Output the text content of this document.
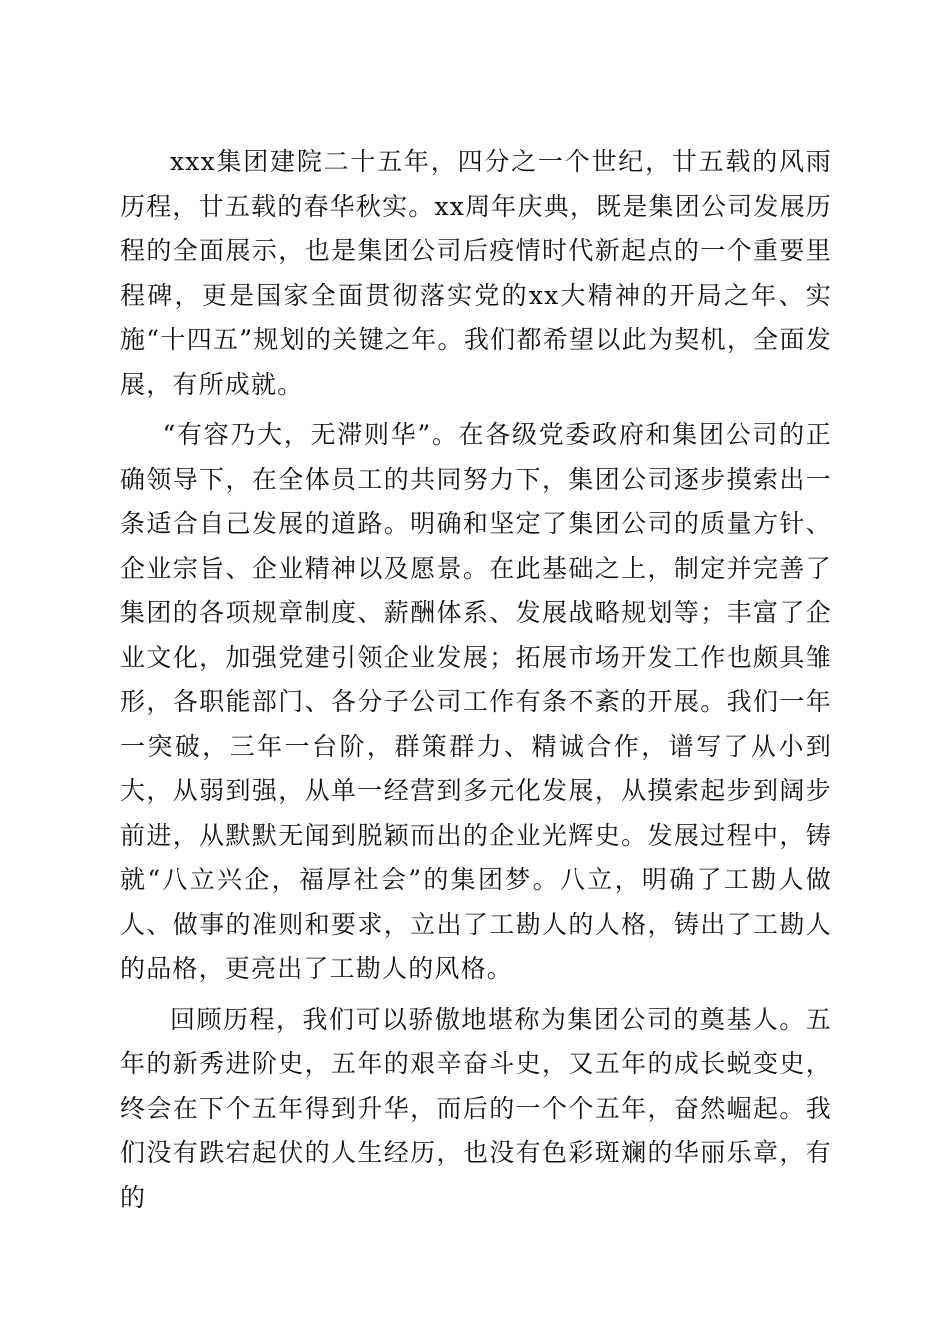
xxx集团建院二十五年，四分之一个世纪，廿五载的风雨历程，廿五载的春华秋实。xx周年庆典，既是集团公司发展历程的全面展示，也是集团公司后疫情时代新起点的一个重要里程碑，更是国家全面贯彻落实党的xx大精神的开局之年、实施“十四五”规划的关键之年。我们都希望以此为契机，全面发展，有所成就。

“有容乃大，无滞则华”。在各级党委政府和集团公司的正确领导下，在全体员工的共同努力下，集团公司逐步摸索出一条适合自己发展的道路。明确和坚定了集团公司的质量方针、企业宗旨、企业精神以及愿景。在此基础之上，制定并完善了集团的各项规章制度、薪酬体系、发展战略规划等；丰富了企业文化，加强党建引领企业发展；拓展市场开发工作也颇具雏形，各职能部门、各分子公司工作有条不紊的开展。我们一年一突破，三年一台阶，群策群力、精诚合作，谱写了从小到大，从弱到强，从单一经营到多元化发展，从摸索起步到阔步前进，从默默无闻到脱颖而出的企业光辉史。发展过程中，铸就“八立兴企，福厚社会”的集团梦。八立，明确了工勘人做人、做事的准则和要求，立出了工勘人的人格，铸出了工勘人的品格，更亮出了工勘人的风格。

回顾历程，我们可以骄傲地堪称为集团公司的奠基人。五年的新秀进阶史，五年的艰辛奋斗史，又五年的成长蜕变史，终会在下个五年得到升华，而后的一个个五年，奋然崛起。我们没有跌宕起伏的人生经历，也没有色彩斑斓的华丽乐章，有的
